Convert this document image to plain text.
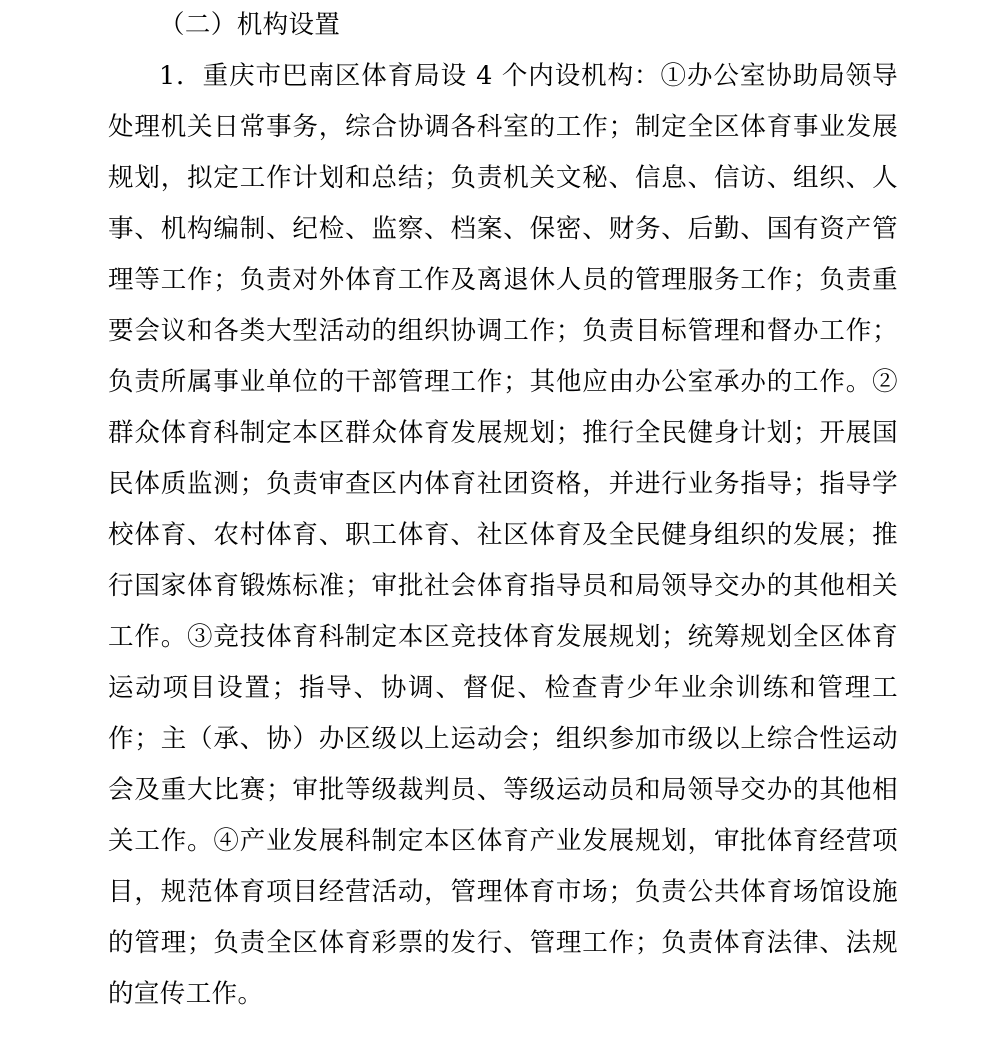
（二）机构设置

1．重庆市巴南区体育局设 4 个内设机构：①办公室协助局领导处理机关日常事务，综合协调各科室的工作；制定全区体育事业发展规划，拟定工作计划和总结；负责机关文秘、信息、信访、组织、人事、机构编制、纪检、监察、档案、保密、财务、后勤、国有资产管理等工作；负责对外体育工作及离退休人员的管理服务工作；负责重要会议和各类大型活动的组织协调工作；负责目标管理和督办工作；负责所属事业单位的干部管理工作；其他应由办公室承办的工作。②群众体育科制定本区群众体育发展规划；推行全民健身计划；开展国民体质监测；负责审查区内体育社团资格，并进行业务指导；指导学校体育、农村体育、职工体育、社区体育及全民健身组织的发展；推行国家体育锻炼标准；审批社会体育指导员和局领导交办的其他相关工作。③竞技体育科制定本区竞技体育发展规划；统筹规划全区体育运动项目设置；指导、协调、督促、检查青少年业余训练和管理工作；主（承、协）办区级以上运动会；组织参加市级以上综合性运动会及重大比赛；审批等级裁判员、等级运动员和局领导交办的其他相关工作。④产业发展科制定本区体育产业发展规划，审批体育经营项目，规范体育项目经营活动，管理体育市场；负责公共体育场馆设施的管理；负责全区体育彩票的发行、管理工作；负责体育法律、法规的宣传工作。
